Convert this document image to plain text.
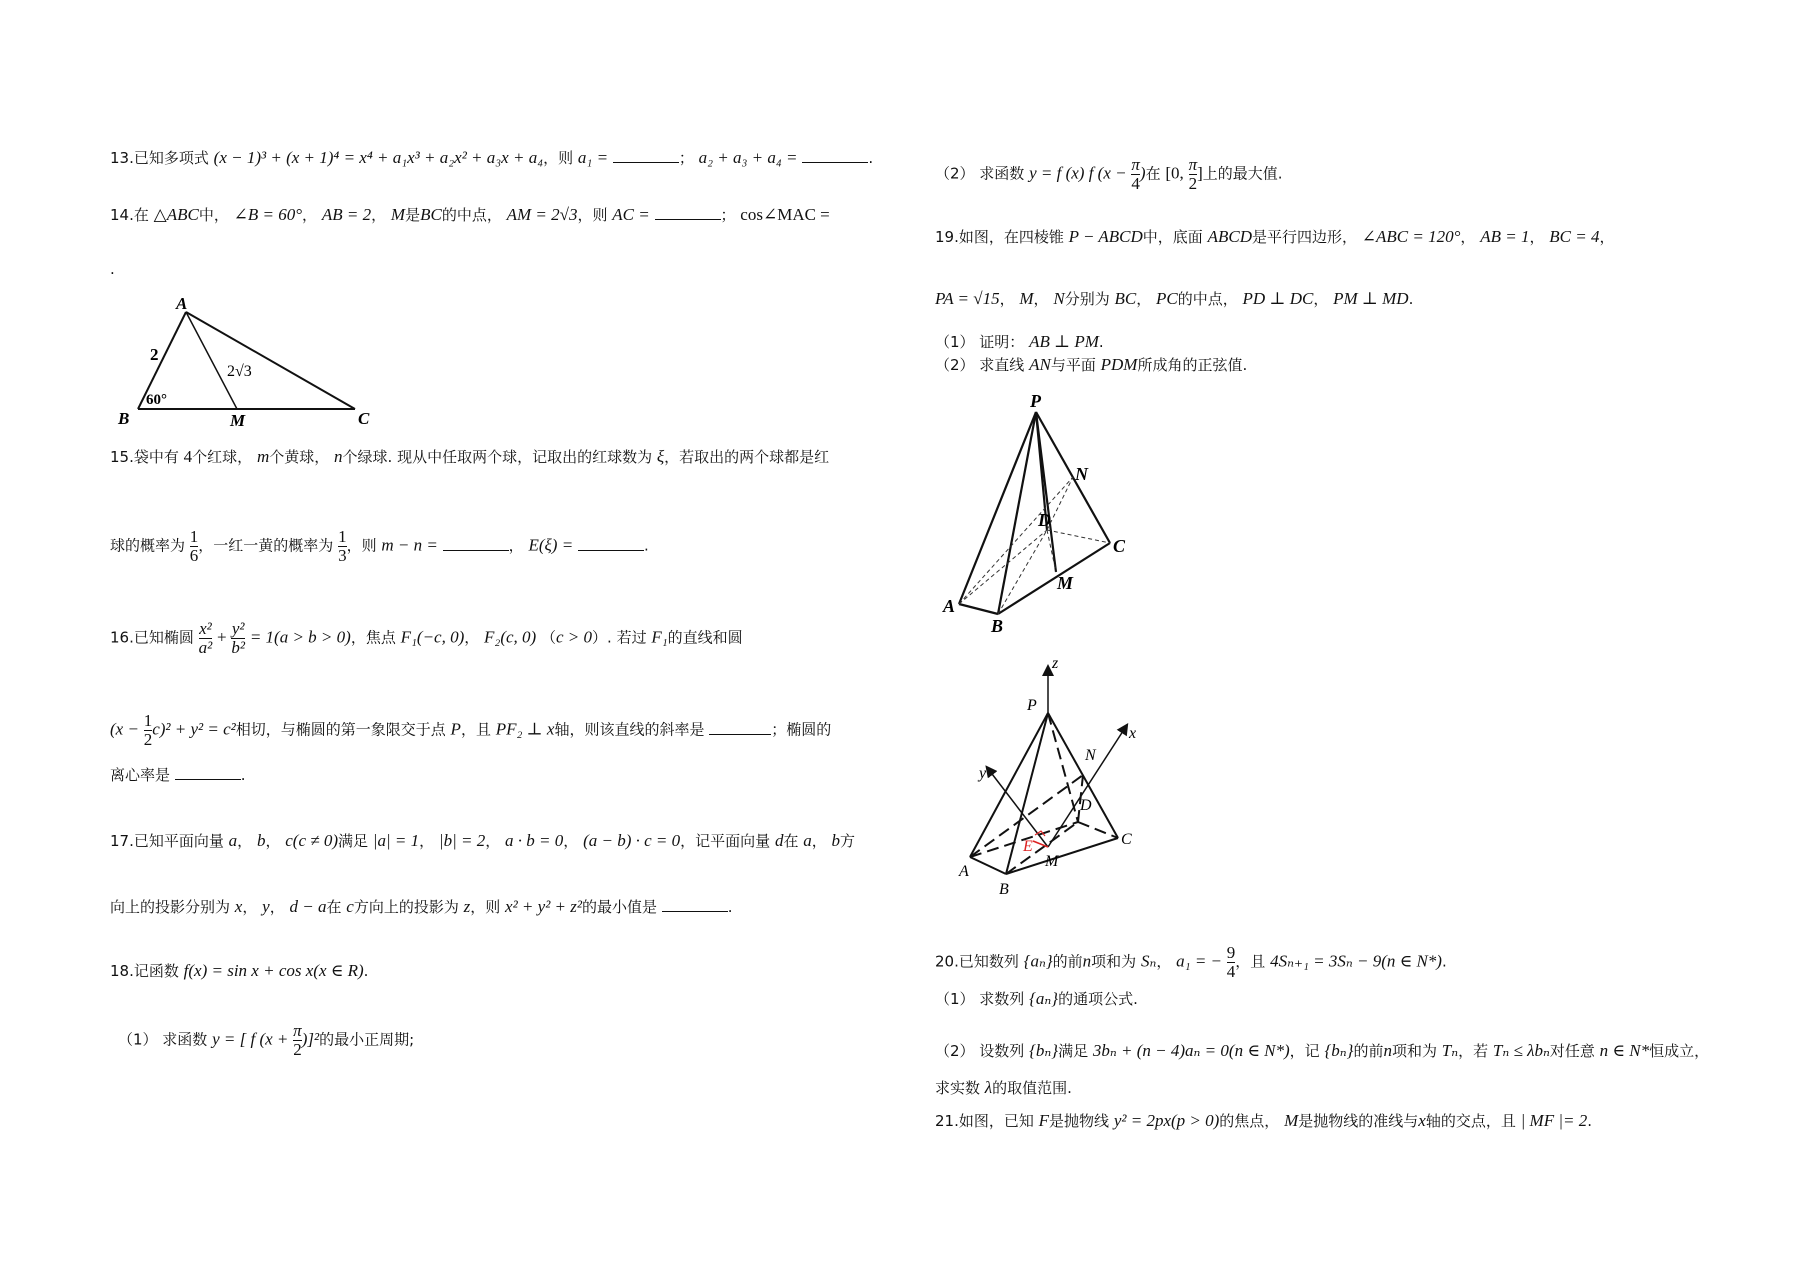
13.已知多项式 (x − 1)³ + (x + 1)⁴ = x⁴ + a₁x³ + a₂x² + a₃x + a₄，则 a₁ =	； a₂ + a₃ + a₄ =	.
14.在 △ABC中， ∠B = 60°， AB = 2， M是BC的中点， AM = 2√3，则 AC =	； cos∠MAC =
.
A
B	C
M
2
2√3
60°
15.袋中有 4个红球， m个黄球， n个绿球. 现从中任取两个球，记取出的红球数为 ξ，若取出的两个球都是红
球的概率为 $\frac{1}{6}$ ，一红一黄的概率为 $\frac{1}{3}$ ，则 m − n =	， E(ξ) =	.
16.已知椭圆 $\frac{\text{x²}}{\text{a²}} + \frac{\text{y²}}{\text{b²}} = 1(a > b > 0)$，焦点 F₁(−c, 0)， F₂(c, 0) （c > 0）. 若过 F₁的直线和圆
$(x - \frac{1}{2} c)^2 + y^2 = c^2$相切，与椭圆的第一象限交于点 P，且 PF₂ ⊥ x轴，则该直线的斜率是	；椭圆的
离心率是	.
17.已知平面向量 a， b， c(c ≠ 0)满足 |a| = 1， |b| = 2， a · b = 0， (a − b) · c = 0，记平面向量 d在 a， b方
向上的投影分别为 x， y， d − a在 c方向上的投影为 z，则 x² + y² + z²的最小值是	.
18.记函数 f(x) = sin x + cos x(x ∈ R).
（1） 求函数 y = [ f $(x + \frac{\pi}{2} )]^2$的最小正周期;
（2） 求函数 y = f (x) f ($x - \frac{\pi}{4}$ )在 [0, $\frac{\pi}{2}$ ]上的最大值.
19.如图，在四棱锥 P − ABCD中，底面 ABCD是平行四边形， ∠ABC = 120°， AB = 1， BC = 4，
PA = √15， M， N分别为 BC， PC的中点， PD ⊥ DC， PM ⊥ MD.
（1） 证明： AB ⊥ PM.
（2） 求直线 AN与平面 PDM所成角的正弦值.
P
N
D
C
M
A
B
z
P
N
x
y
D
E	C
A
M
B
20.已知数列 {aₙ}的前n项和为 Sₙ， a₁ = − $\frac{9}{4}$ ，且 4Sₙ₊₁ = 3Sₙ − 9(n ∈ N*).
（1） 求数列 {aₙ}的通项公式.
（2） 设数列 {bₙ}满足 3bₙ + (n − 4)aₙ = 0(n ∈ N*)，记 {bₙ}的前n项和为 Tₙ，若 Tₙ ≤ λbₙ对任意 n ∈ N*恒成立，
求实数 λ的取值范围.
21.如图，已知 F是抛物线 y² = 2px(p > 0)的焦点， M是抛物线的准线与x轴的交点，且 | MF |= 2.
